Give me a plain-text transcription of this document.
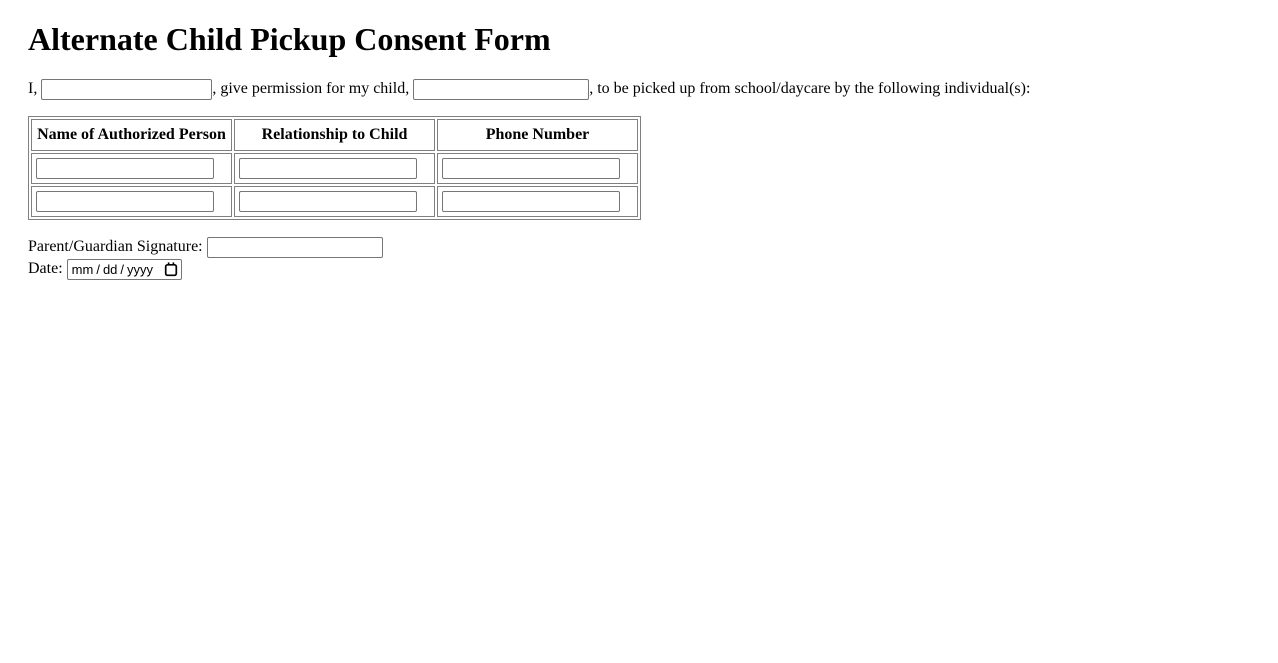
Alternate Child Pickup Consent Form

I,	, give permission for my child,	, to be picked up from school/daycare by the following individual(s):

Name of Authorized Person	Relationship to Child	Phone Number

Parent/Guardian Signature:
Date: mm / dd / yyyy
